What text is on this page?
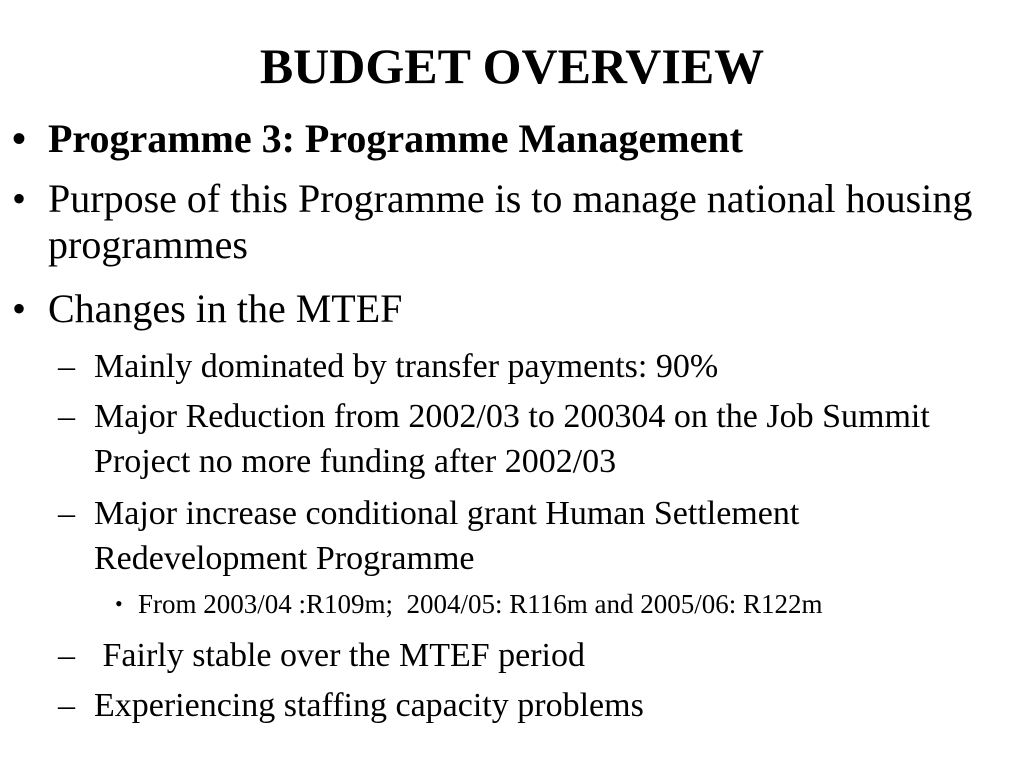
BUDGET OVERVIEW
• Programme 3: Programme Management
• Purpose of this Programme is to manage national housing programmes
• Changes in the MTEF
– Mainly dominated by transfer payments: 90%
– Major Reduction from 2002/03 to 200304 on the Job Summit Project no more funding after 2002/03
– Major increase conditional grant Human Settlement Redevelopment Programme
• From 2003/04 :R109m;  2004/05: R116m and 2005/06: R122m
– Fairly stable over the MTEF period
– Experiencing staffing capacity problems
